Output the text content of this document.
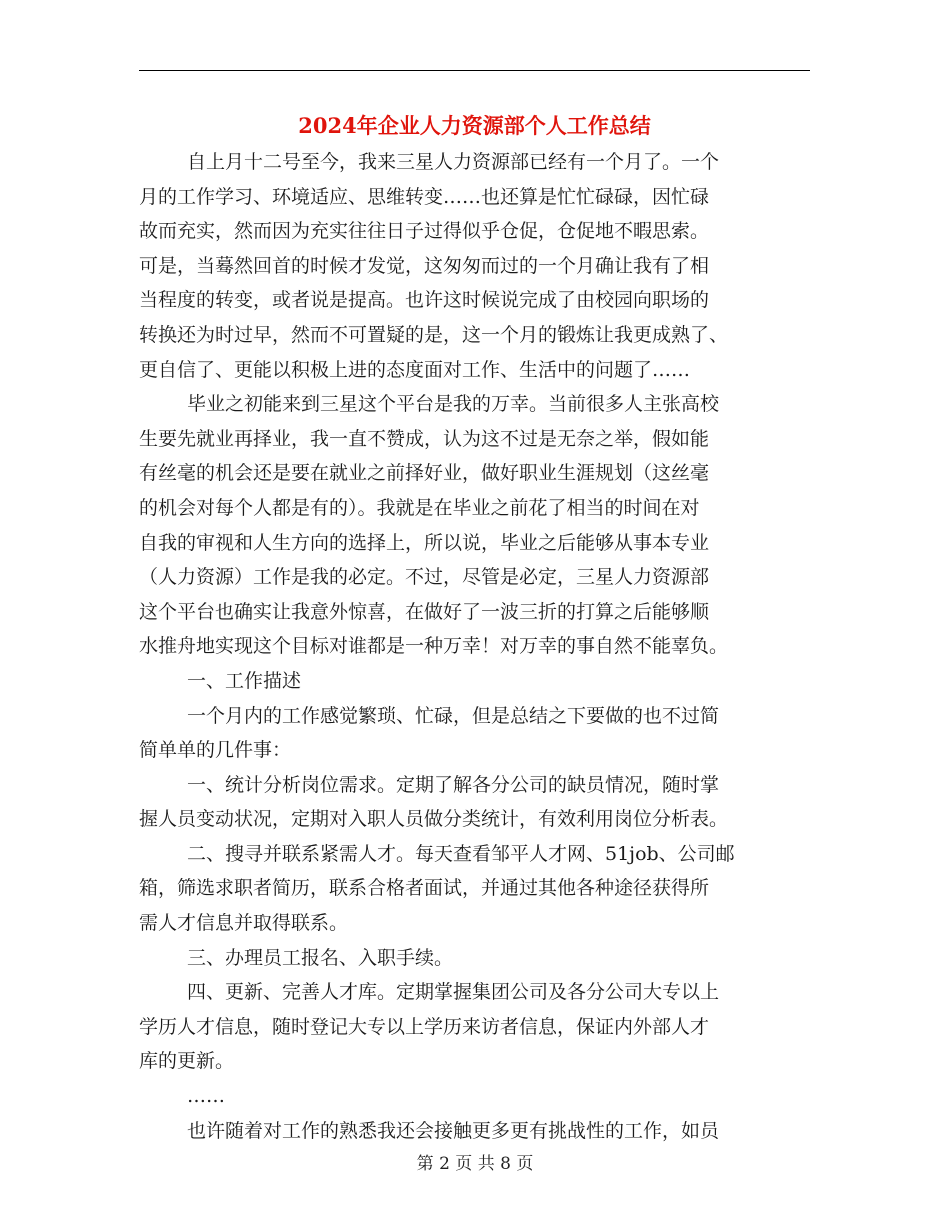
2024年企业人力资源部个人工作总结
自上月十二号至今，我来三星人力资源部已经有一个月了。一个
月的工作学习、环境适应、思维转变……也还算是忙忙碌碌，因忙碌
故而充实，然而因为充实往往日子过得似乎仓促，仓促地不暇思索。
可是，当蓦然回首的时候才发觉，这匆匆而过的一个月确让我有了相
当程度的转变，或者说是提高。也许这时候说完成了由校园向职场的
转换还为时过早，然而不可置疑的是，这一个月的锻炼让我更成熟了、
更自信了、更能以积极上进的态度面对工作、生活中的问题了……
毕业之初能来到三星这个平台是我的万幸。当前很多人主张高校
生要先就业再择业，我一直不赞成，认为这不过是无奈之举，假如能
有丝毫的机会还是要在就业之前择好业，做好职业生涯规划（这丝毫
的机会对每个人都是有的）。我就是在毕业之前花了相当的时间在对
自我的审视和人生方向的选择上，所以说，毕业之后能够从事本专业
（人力资源）工作是我的必定。不过，尽管是必定，三星人力资源部
这个平台也确实让我意外惊喜，在做好了一波三折的打算之后能够顺
水推舟地实现这个目标对谁都是一种万幸！对万幸的事自然不能辜负。
一、工作描述
一个月内的工作感觉繁琐、忙碌，但是总结之下要做的也不过简
简单单的几件事：
一、统计分析岗位需求。定期了解各分公司的缺员情况，随时掌
握人员变动状况，定期对入职人员做分类统计，有效利用岗位分析表。
二、搜寻并联系紧需人才。每天查看邹平人才网、51job、公司邮
箱，筛选求职者简历，联系合格者面试，并通过其他各种途径获得所
需人才信息并取得联系。
三、办理员工报名、入职手续。
四、更新、完善人才库。定期掌握集团公司及各分公司大专以上
学历人才信息，随时登记大专以上学历来访者信息，保证内外部人才
库的更新。
……
也许随着对工作的熟悉我还会接触更多更有挑战性的工作，如员
第 2 页 共 8 页
